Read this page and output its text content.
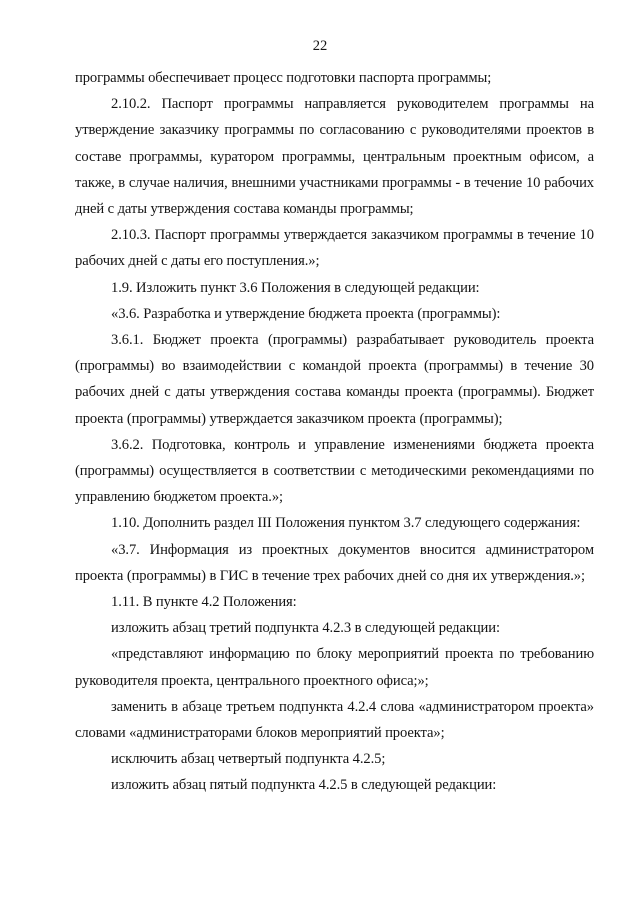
22

программы обеспечивает процесс подготовки паспорта программы;

2.10.2. Паспорт программы направляется руководителем программы на утверждение заказчику программы по согласованию с руководителями проектов в составе программы, куратором программы, центральным проектным офисом, а также, в случае наличия, внешними участниками программы - в течение 10 рабочих дней с даты утверждения состава команды программы;

2.10.3. Паспорт программы утверждается заказчиком программы в течение 10 рабочих дней с даты его поступления.»;

1.9. Изложить пункт 3.6 Положения в следующей редакции:

«3.6. Разработка и утверждение бюджета проекта (программы):

3.6.1. Бюджет проекта (программы) разрабатывает руководитель проекта (программы) во взаимодействии с командой проекта (программы) в течение 30 рабочих дней с даты утверждения состава команды проекта (программы). Бюджет проекта (программы) утверждается заказчиком проекта (программы);

3.6.2. Подготовка, контроль и управление изменениями бюджета проекта (программы) осуществляется в соответствии с методическими рекомендациями по управлению бюджетом проекта.»;

1.10. Дополнить раздел III Положения пунктом 3.7 следующего содержания:

«3.7. Информация из проектных документов вносится администратором проекта (программы) в ГИС в течение трех рабочих дней со дня их утверждения.»;

1.11. В пункте 4.2 Положения:

изложить абзац третий подпункта 4.2.3 в следующей редакции:

«представляют информацию по блоку мероприятий проекта по требованию руководителя проекта, центрального проектного офиса;»;

заменить в абзаце третьем подпункта 4.2.4 слова «администратором проекта» словами «администраторами блоков мероприятий проекта»;

исключить абзац четвертый подпункта 4.2.5;

изложить абзац пятый подпункта 4.2.5 в следующей редакции:
